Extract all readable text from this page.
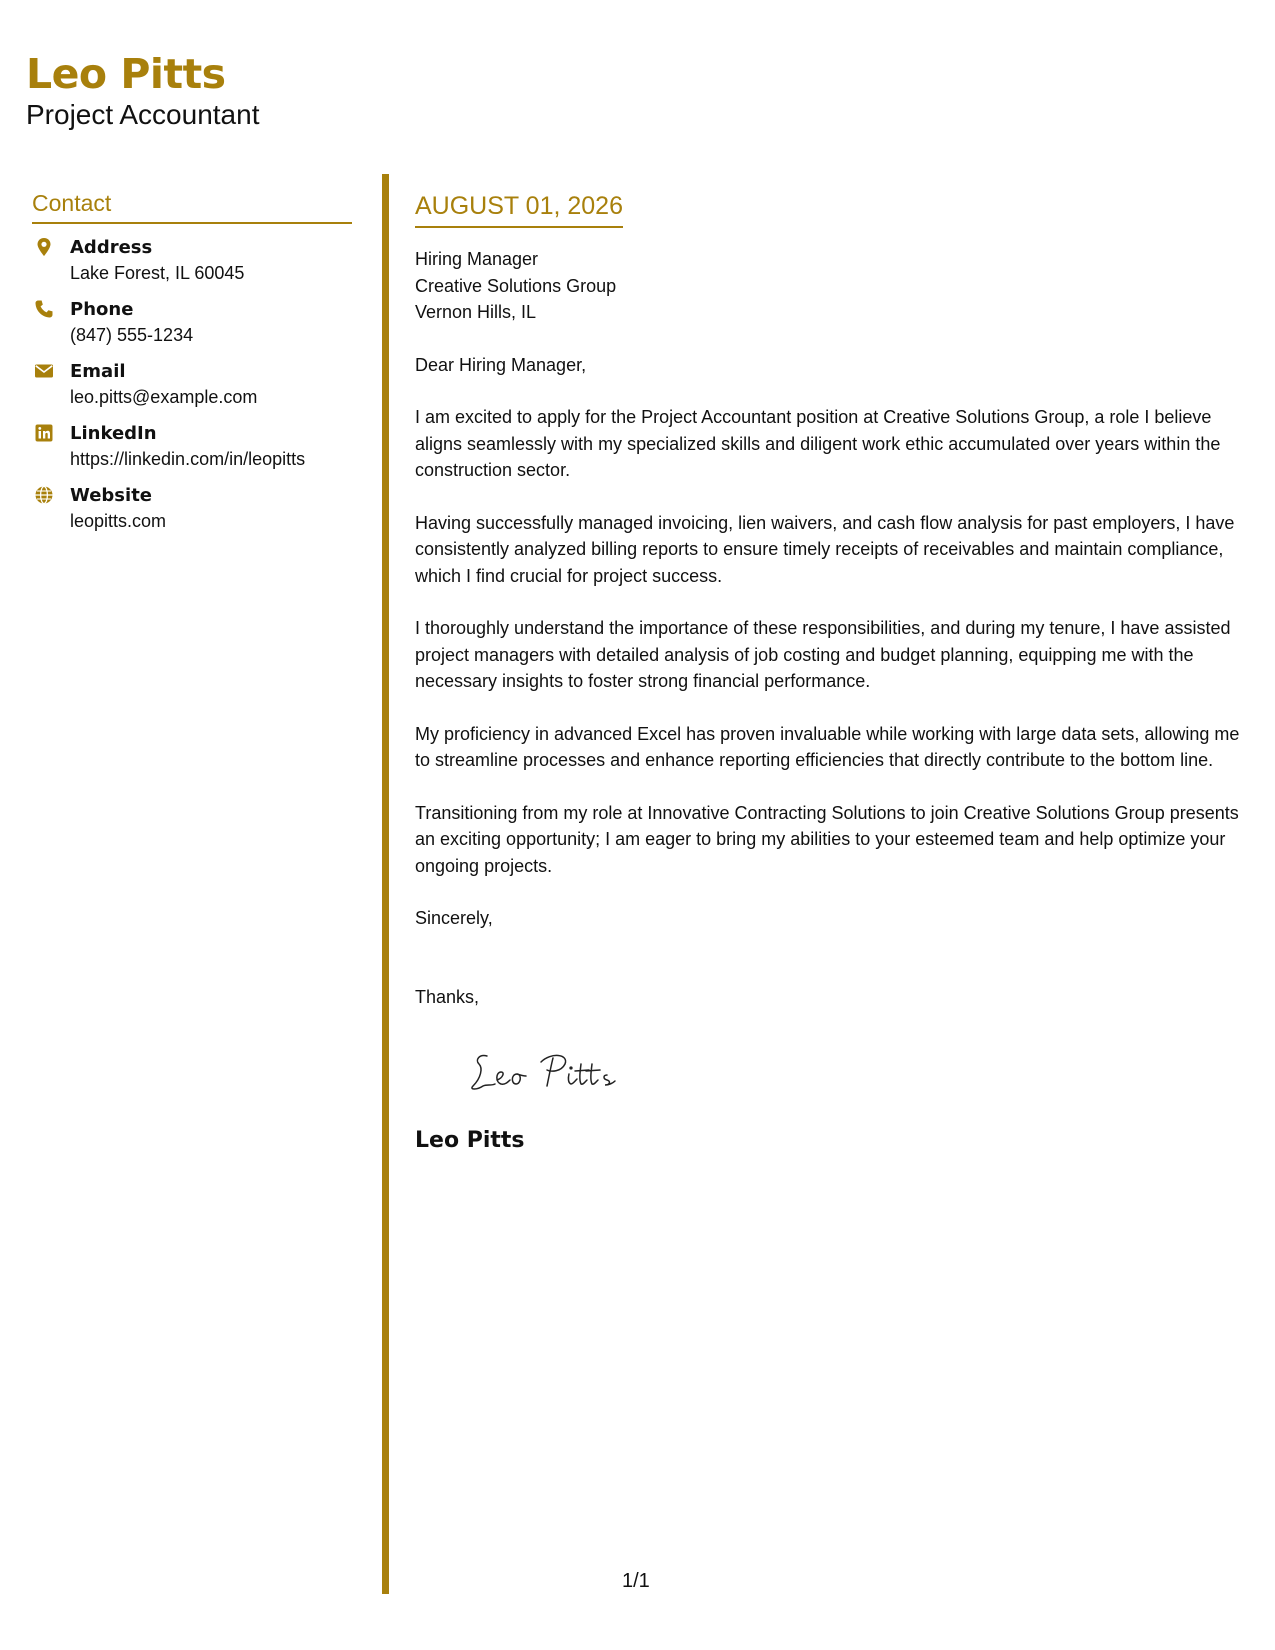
Leo Pitts
Project Accountant
Contact
Address
Lake Forest, IL 60045
Phone
(847) 555-1234
Email
leo.pitts@example.com
LinkedIn
https://linkedin.com/in/leopitts
Website
leopitts.com
AUGUST 01, 2026
Hiring Manager
Creative Solutions Group
Vernon Hills, IL
Dear Hiring Manager,

I am excited to apply for the Project Accountant position at Creative Solutions Group, a role I believe aligns seamlessly with my specialized skills and diligent work ethic accumulated over years within the construction sector.

Having successfully managed invoicing, lien waivers, and cash flow analysis for past employers, I have consistently analyzed billing reports to ensure timely receipts of receivables and maintain compliance, which I find crucial for project success.

I thoroughly understand the importance of these responsibilities, and during my tenure, I have assisted project managers with detailed analysis of job costing and budget planning, equipping me with the necessary insights to foster strong financial performance.

My proficiency in advanced Excel has proven invaluable while working with large data sets, allowing me to streamline processes and enhance reporting efficiencies that directly contribute to the bottom line.

Transitioning from my role at Innovative Contracting Solutions to join Creative Solutions Group presents an exciting opportunity; I am eager to bring my abilities to your esteemed team and help optimize your ongoing projects.

Sincerely,
Thanks,
Leo Pitts
1/1
